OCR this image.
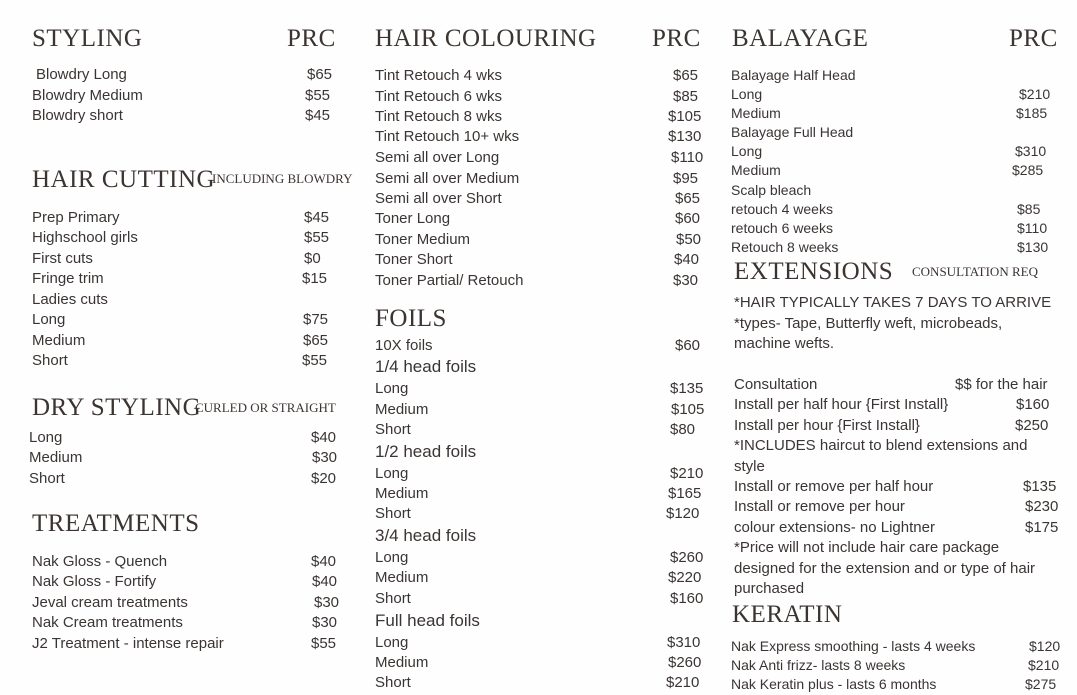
STYLING	PRC
Blowdry Long	$65
Blowdry Medium	$55
Blowdry short	$45
HAIR CUTTING
INCLUDING BLOWDRY
Prep Primary	$45
Highschool girls	$55
First cuts	$0
Fringe trim	$15
Ladies cuts
Long	$75
Medium	$65
Short	$55
DRY STYLING
CURLED OR STRAIGHT
Long	$40
Medium	$30
Short	$20
TREATMENTS
Nak Gloss - Quench	$40
Nak Gloss - Fortify	$40
Jeval cream treatments	$30
Nak Cream treatments	$30
J2 Treatment - intense repair	$55
HAIR COLOURING PRC
Tint Retouch 4 wks	$65
Tint Retouch 6 wks	$85
Tint Retouch 8 wks	$105
Tint Retouch 10+ wks	$130
Semi all over Long	$110
Semi all over Medium	$95
Semi all over Short	$65
Toner Long	$60
Toner Medium	$50
Toner Short	$40
Toner Partial/ Retouch	$30
FOILS
10X foils	$60
1/4 head foils
Long	$135
Medium	$105
Short	$80
1/2 head foils
Long	$210
Medium	$165
Short	$120
3/4 head foils
Long	$260
Medium	$220
Short	$160
Full head foils
Long	$310
Medium	$260
Short	$210
BALAYAGE	PRC
Balayage Half Head
Long	$210
Medium	$185
Balayage Full Head
Long	$310
Medium	$285
Scalp bleach
retouch 4 weeks	$85
retouch 6 weeks	$110
Retouch 8 weeks	$130
EXTENSIONS CONSULTATION REQ
*HAIR TYPICALLY TAKES 7 DAYS TO ARRIVE
*types- Tape, Butterfly weft, microbeads,
machine wefts.
Consultation	$$ for the hair
Install per half hour {First Install}	$160
Install per hour {First Install}	$250
*INCLUDES haircut to blend extensions and
style
Install or remove per half hour	$135
Install or remove per hour	$230
colour extensions- no Lightner	$175
*Price will not include hair care package
designed for the extension and or type of hair
purchased
KERATIN
Nak Express smoothing - lasts 4 weeks	$120
Nak Anti frizz- lasts 8 weeks	$210
Nak Keratin plus - lasts 6 months	$275
